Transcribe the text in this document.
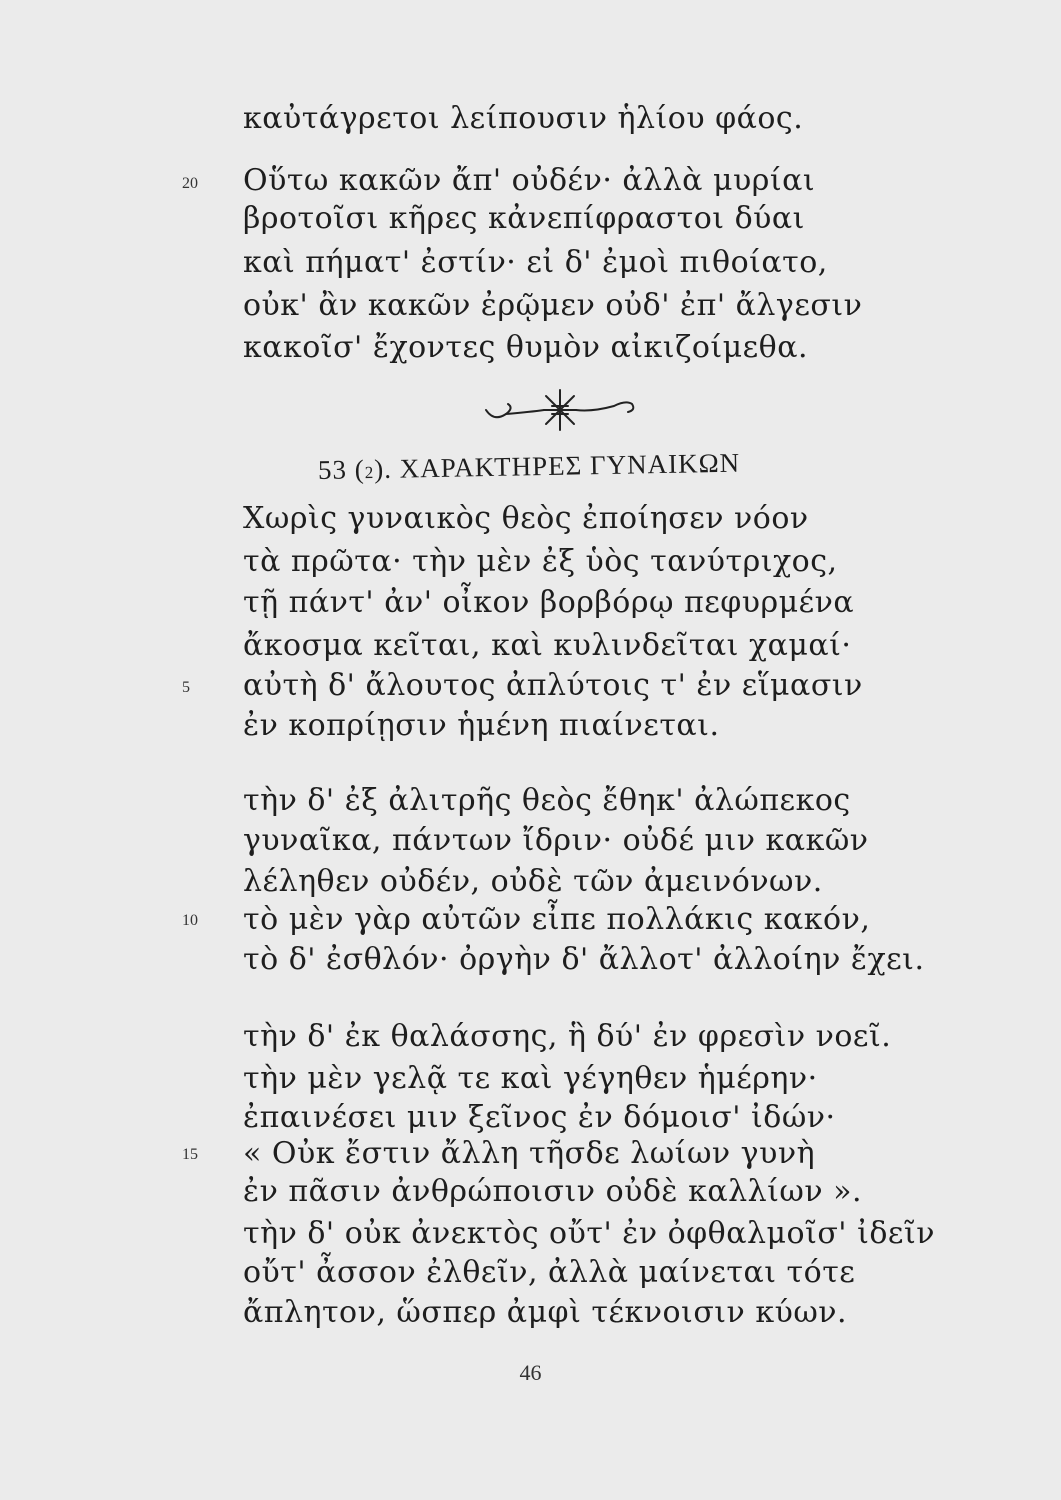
καὐτάγρετοι λείπουσιν ἡλίου φάος.
20 Οὕτω κακῶν ἄπ' οὐδέν· ἀλλὰ μυρίαι
βροτοῖσι κῆρες κἀνεπίφραστοι δύαι
καὶ πήματ' ἐστίν· εἰ δ' ἐμοὶ πιθοίατο,
οὐκ' ἂν κακῶν ἐρῷμεν οὐδ' ἐπ' ἄλγεσιν
κακοῖσ' ἔχοντες θυμὸν αἰκιζοίμεθα.
53 (2). ΧΑΡΑΚΤΗΡΕΣ ΓΥΝΑΙΚΩΝ
Χωρὶς γυναικὸς θεὸς ἐποίησεν νόον
τὰ πρῶτα· τὴν μὲν ἐξ ὑὸς τανύτριχος,
τῇ πάντ' ἀν' οἶκον βορβόρῳ πεφυρμένα
ἄκοσμα κεῖται, καὶ κυλινδεῖται χαμαί·
5 αὐτὴ δ' ἄλουτος ἀπλύτοις τ' ἐν εἵμασιν
ἐν κοπρίῃσιν ἡμένη πιαίνεται.
τὴν δ' ἐξ ἀλιτρῆς θεὸς ἔθηκ' ἀλώπεκος
γυναῖκα, πάντων ἴδριν· οὐδέ μιν κακῶν
λέληθεν οὐδέν, οὐδὲ τῶν ἀμεινόνων.
10 τὸ μὲν γὰρ αὐτῶν εἶπε πολλάκις κακόν,
τὸ δ' ἐσθλόν· ὀργὴν δ' ἄλλοτ' ἀλλοίην ἔχει.
τὴν δ' ἐκ θαλάσσης, ἣ δύ' ἐν φρεσὶν νοεῖ.
τὴν μὲν γελᾷ τε καὶ γέγηθεν ἡμέρην·
ἐπαινέσει μιν ξεῖνος ἐν δόμοισ' ἰδών·
15 « Οὐκ ἔστιν ἄλλη τῆσδε λωίων γυνὴ
ἐν πᾶσιν ἀνθρώποισιν οὐδὲ καλλίων ».
τὴν δ' οὐκ ἀνεκτὸς οὔτ' ἐν ὀφθαλμοῖσ' ἰδεῖν
οὔτ' ἆσσον ἐλθεῖν, ἀλλὰ μαίνεται τότε
ἄπλητον, ὥσπερ ἀμφὶ τέκνοισιν κύων.
46
